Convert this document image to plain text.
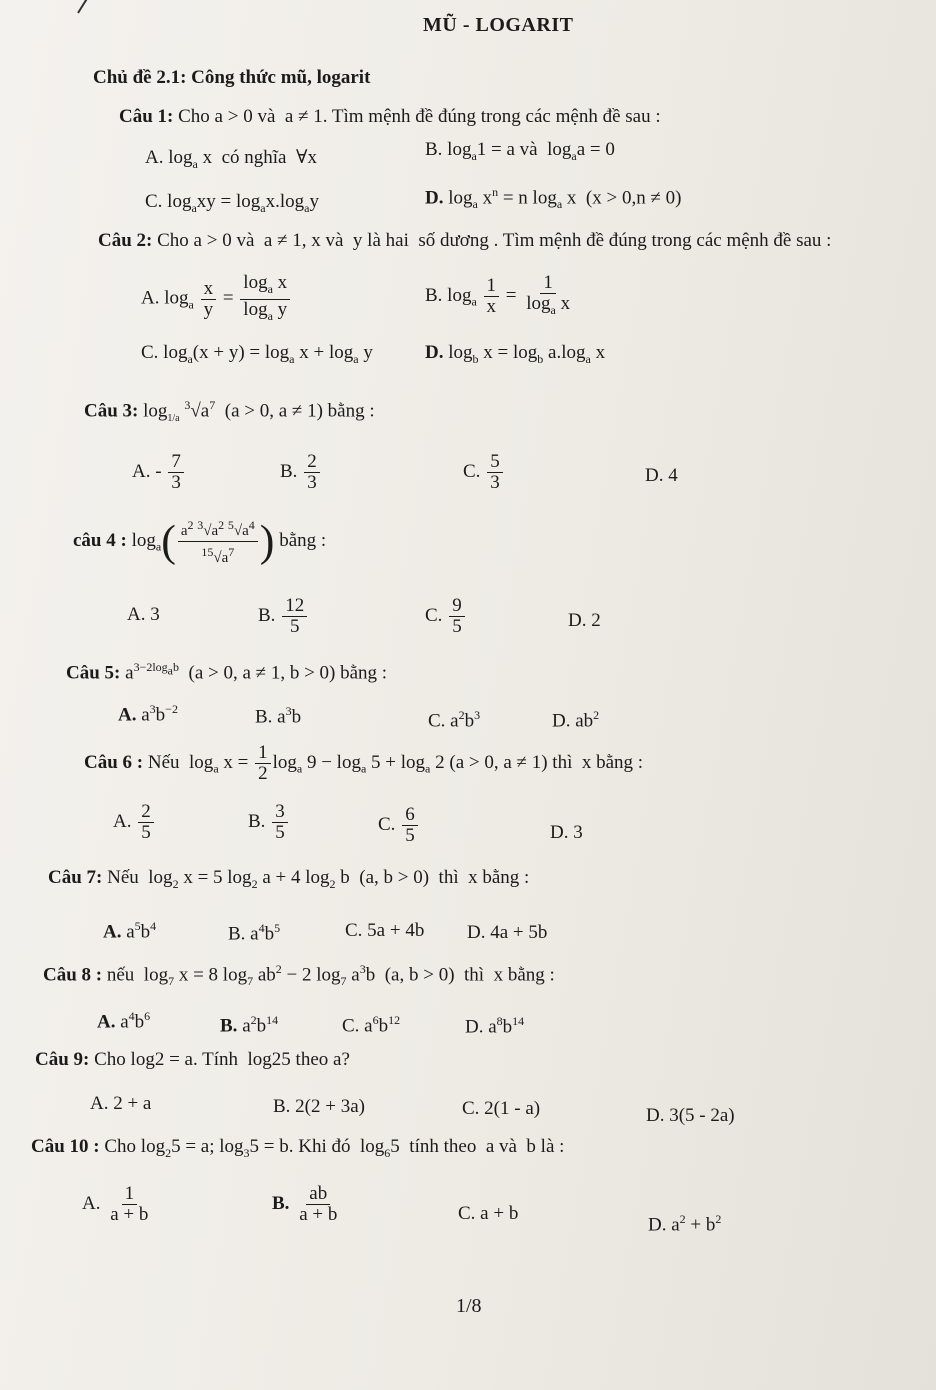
MŨ - LOGARIT
Chủ đề 2.1: Công thức mũ, logarit
Câu 1: Cho a > 0 và  a ≠ 1. Tìm mệnh đề đúng trong các mệnh đề sau :
A. $\log_a x$  có nghĩa  ∀x	B. $\log_a1 = a$ và  $\log_aa = 0$
C. $\log_axy = \log_ax.\log_ay$	D. $\log_a x^n = n$ $\log_a x$  (x > 0,n ≠ 0)
Câu 2: Cho a > 0 và  a ≠ 1, x và  y là hai  số dương . Tìm mệnh đề đúng trong các mệnh đề sau :
A. $\log_a \frac{x}{y} = \frac{\log_a x}{\log_a y}$	B. $\log_a \frac{1}{x} = \frac{1}{\log_a x}$
C. $\log_a(x + y) = \log_a x + \log_a y$	D. $\log_b x = \log_b a.\log_a$ x
Câu 3: $\log_{1/a} ^3√a^7$  (a > 0, a ≠ 1) bằng :
A. - $\frac{7}{3}$	B. $\frac{2}{3}$	C. $\frac{5}{3}$	D. 4
câu 4 : $\log_a( \frac{a^2 ^3√a^2 ^5√a^4}{^{15}√a^7}$ ) bằng :
A. 3	B. $\frac{12}{5}$	C. $\frac{9}{5}$	D. 2
Câu 5: $a^{3-2log_ab}$  (a > 0, a ≠ 1, b > 0) bằng :
A. $a^3b^{-2}$	B. $a^3b$	C. $a^2b^3$	D. $ab^2$
Câu 6 : Nếu  $\log_a x = \frac{1}{2} \log_a 9 - \log_a 5 + \log_a 2$ (a > 0, a ≠ 1) thì  x bằng :
A. $\frac{2}{5}$	B. $\frac{3}{5}$	C. $\frac{6}{5}$	D. 3
Câu 7: Nếu  $\log_2 x = 5$ $\log_2 a + 4$ $\log_2 b$  (a, b > 0)  thì  x bằng :
A. $a^5b^4$	B. $a^4b^5$	C. 5a + 4b D. 4a + 5b
Câu 8 : nếu  $\log_7 x = 8$ $\log_7 ab^2 - 2$ $\log_7 a^3b$  (a, b > 0)  thì  x bằng :
A. $a^4b^6$	B. $a^2b^{14}$	C. $a^6b^{12}$	D. $a^8b^{14}$
Câu 9: Cho log2 = a. Tính  log25 theo a?
A. 2 + a	B. 2(2 + 3a)	C. 2(1 - a)	D. 3(5 - 2a)
Câu 10 : Cho $\log_25 = a$; $\log_35 = b$. Khi đó  $\log_65$  tính theo  a và  b là :
A. $\frac{1}{a + b}$	B. $\frac{ab}{a + b}$	C. a + b
D. $a^2 + b^2$
1/8
